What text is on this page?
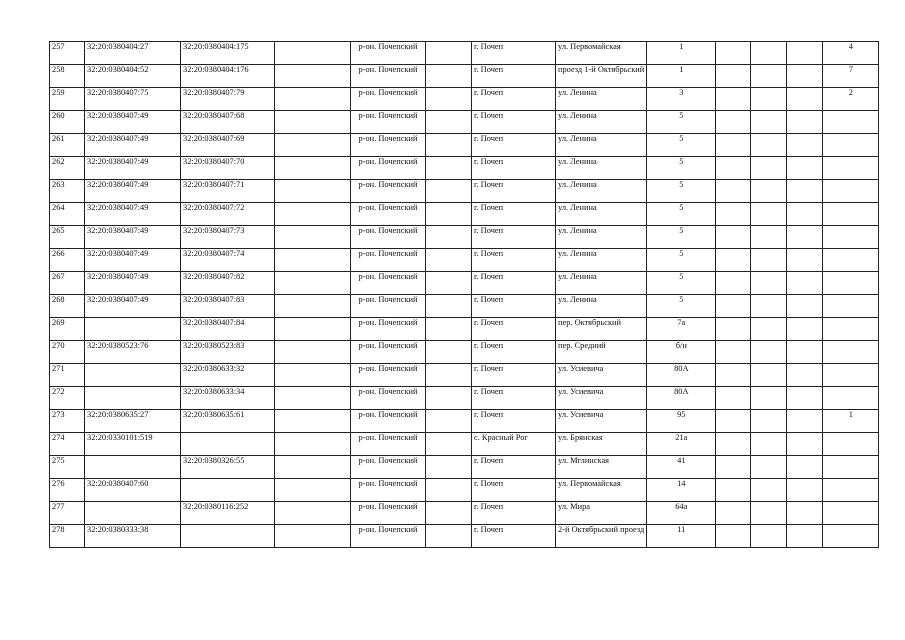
257	32:20:0380404:27	32:20:0380404:175		р-он. Почепский		г. Почеп	ул. Первомайская	1				4
258	32:20:0380404:52	32:20:0380404:176		р-он. Почепский		г. Почеп	проезд 1-й Октябрьский	1				7
259	32:20:0380407:75	32:20:0380407:79		р-он. Почепский		г. Почеп	ул. Ленина	3				2
260	32:20:0380407:49	32:20:0380407:68		р-он. Почепский		г. Почеп	ул. Ленина	5				
261	32:20:0380407:49	32:20:0380407:69		р-он. Почепский		г. Почеп	ул. Ленина	5				
262	32:20:0380407:49	32:20:0380407:70		р-он. Почепский		г. Почеп	ул. Ленина	5				
263	32:20:0380407:49	32:20:0380407:71		р-он. Почепский		г. Почеп	ул. Ленина	5				
264	32:20:0380407:49	32:20:0380407:72		р-он. Почепский		г. Почеп	ул. Ленина	5				
265	32:20:0380407:49	32:20:0380407:73		р-он. Почепский		г. Почеп	ул. Ленина	5				
266	32:20:0380407:49	32:20:0380407:74		р-он. Почепский		г. Почеп	ул. Ленина	5				
267	32:20:0380407:49	32:20:0380407:82		р-он. Почепский		г. Почеп	ул. Ленина	5				
268	32:20:0380407:49	32:20:0380407:83		р-он. Почепский		г. Почеп	ул. Ленина	5				
269		32:20:0380407:84		р-он. Почепский		г. Почеп	пер. Октябрьский	7а				
270	32:20:0380523:76	32:20:0380523:83		р-он. Почепский		г. Почеп	пер. Средний	б/н				
271		32:20:0380633:32		р-он. Почепский		г. Почеп	ул. Усиевича	80А				
272		32:20:0380633:34		р-он. Почепский		г. Почеп	ул. Усиевича	80А				
273	32:20:0380635:27	32:20:0380635:61		р-он. Почепский		г. Почеп	ул. Усиевича	95				1
274	32:20:0330101:519			р-он. Почепский		с. Красный Рог	ул. Брянская	21а				
275		32:20:0380326:55		р-он. Почепский		г. Почеп	ул. Мглинская	41				
276	32:20:0380407:60			р-он. Почепский		г. Почеп	ул. Первомайская	14				
277		32:20:0380116:252		р-он. Почепский		г. Почеп	ул. Мира	64а				
278	32:20:0380333:38			р-он. Почепский		г. Почеп	2-й Октябрьский проезд	11				
